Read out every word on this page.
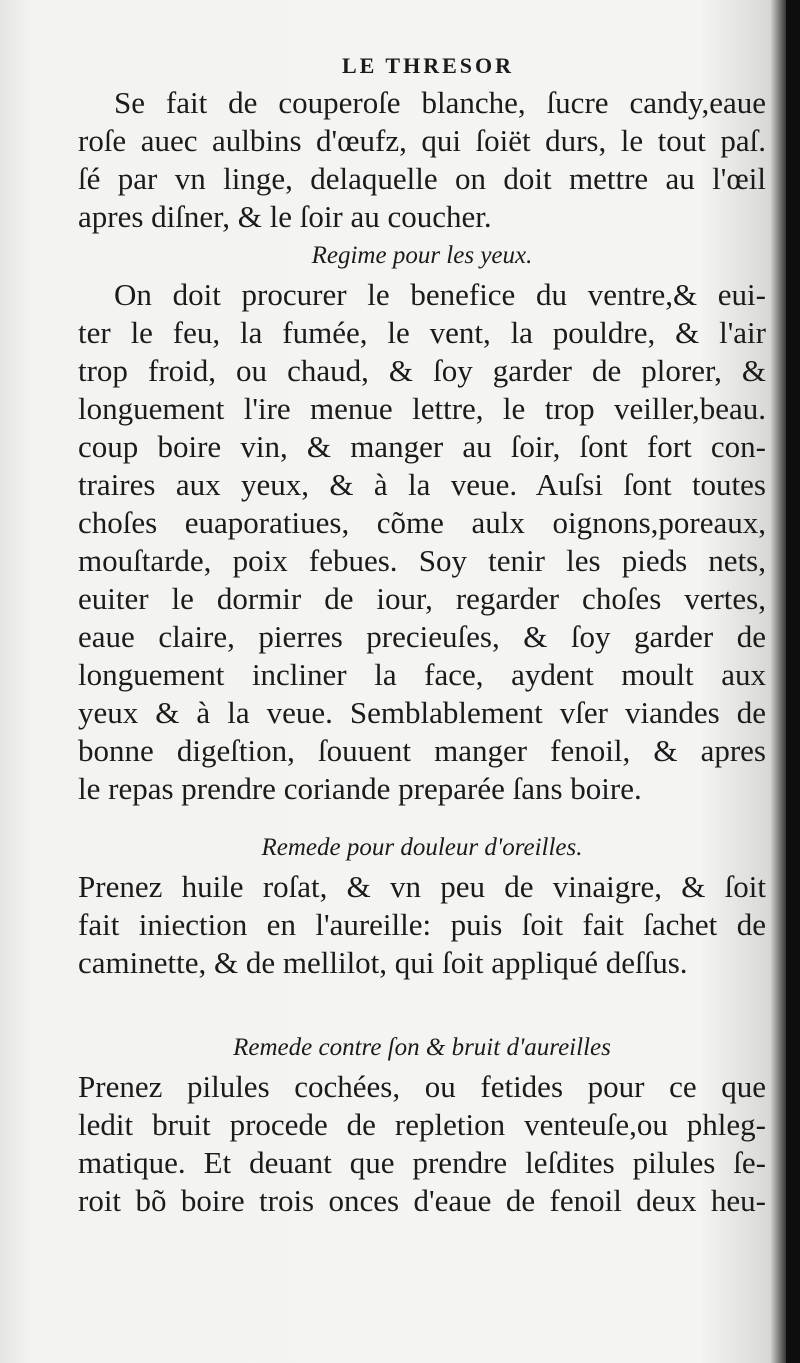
LE THRESOR

Se fait de couperoſe blanche, ſucre candy,eaue

roſe auec aulbins d'œufz, qui ſoiët durs, le tout paſ.

ſé par vn linge, delaquelle on doit mettre au l'œil

apres diſner, & le ſoir au coucher.

Regime pour les yeux.

On doit procurer le benefice du ventre,& eui-

ter le feu, la fumée, le vent, la pouldre, & l'air

trop froid, ou chaud, & ſoy garder de plorer, &

longuement l'ire menue lettre, le trop veiller,beau.

coup boire vin, & manger au ſoir, ſont fort con-

traires aux yeux, & à la veue. Auſsi ſont toutes

choſes euaporatiues, cõme aulx oignons,poreaux,

mouſtarde, poix febues. Soy tenir les pieds nets,

euiter le dormir de iour, regarder choſes vertes,

eaue claire, pierres precieuſes, & ſoy garder de

longuement incliner la face, aydent moult aux

yeux & à la veue. Semblablement vſer viandes de

bonne digeſtion, ſouuent manger fenoil, & apres

le repas prendre coriande preparée ſans boire.

Remede pour douleur d'oreilles.

Prenez huile roſat, & vn peu de vinaigre, & ſoit

fait iniection en l'aureille: puis ſoit fait ſachet de

caminette, & de mellilot, qui ſoit appliqué deſſus.

Remede contre ſon & bruit d'aureilles

Prenez pilules cochées, ou fetides pour ce que

ledit bruit procede de repletion venteuſe,ou phleg-

matique. Et deuant que prendre leſdites pilules ſe-

roit bõ boire trois onces d'eaue de fenoil deux heu-
